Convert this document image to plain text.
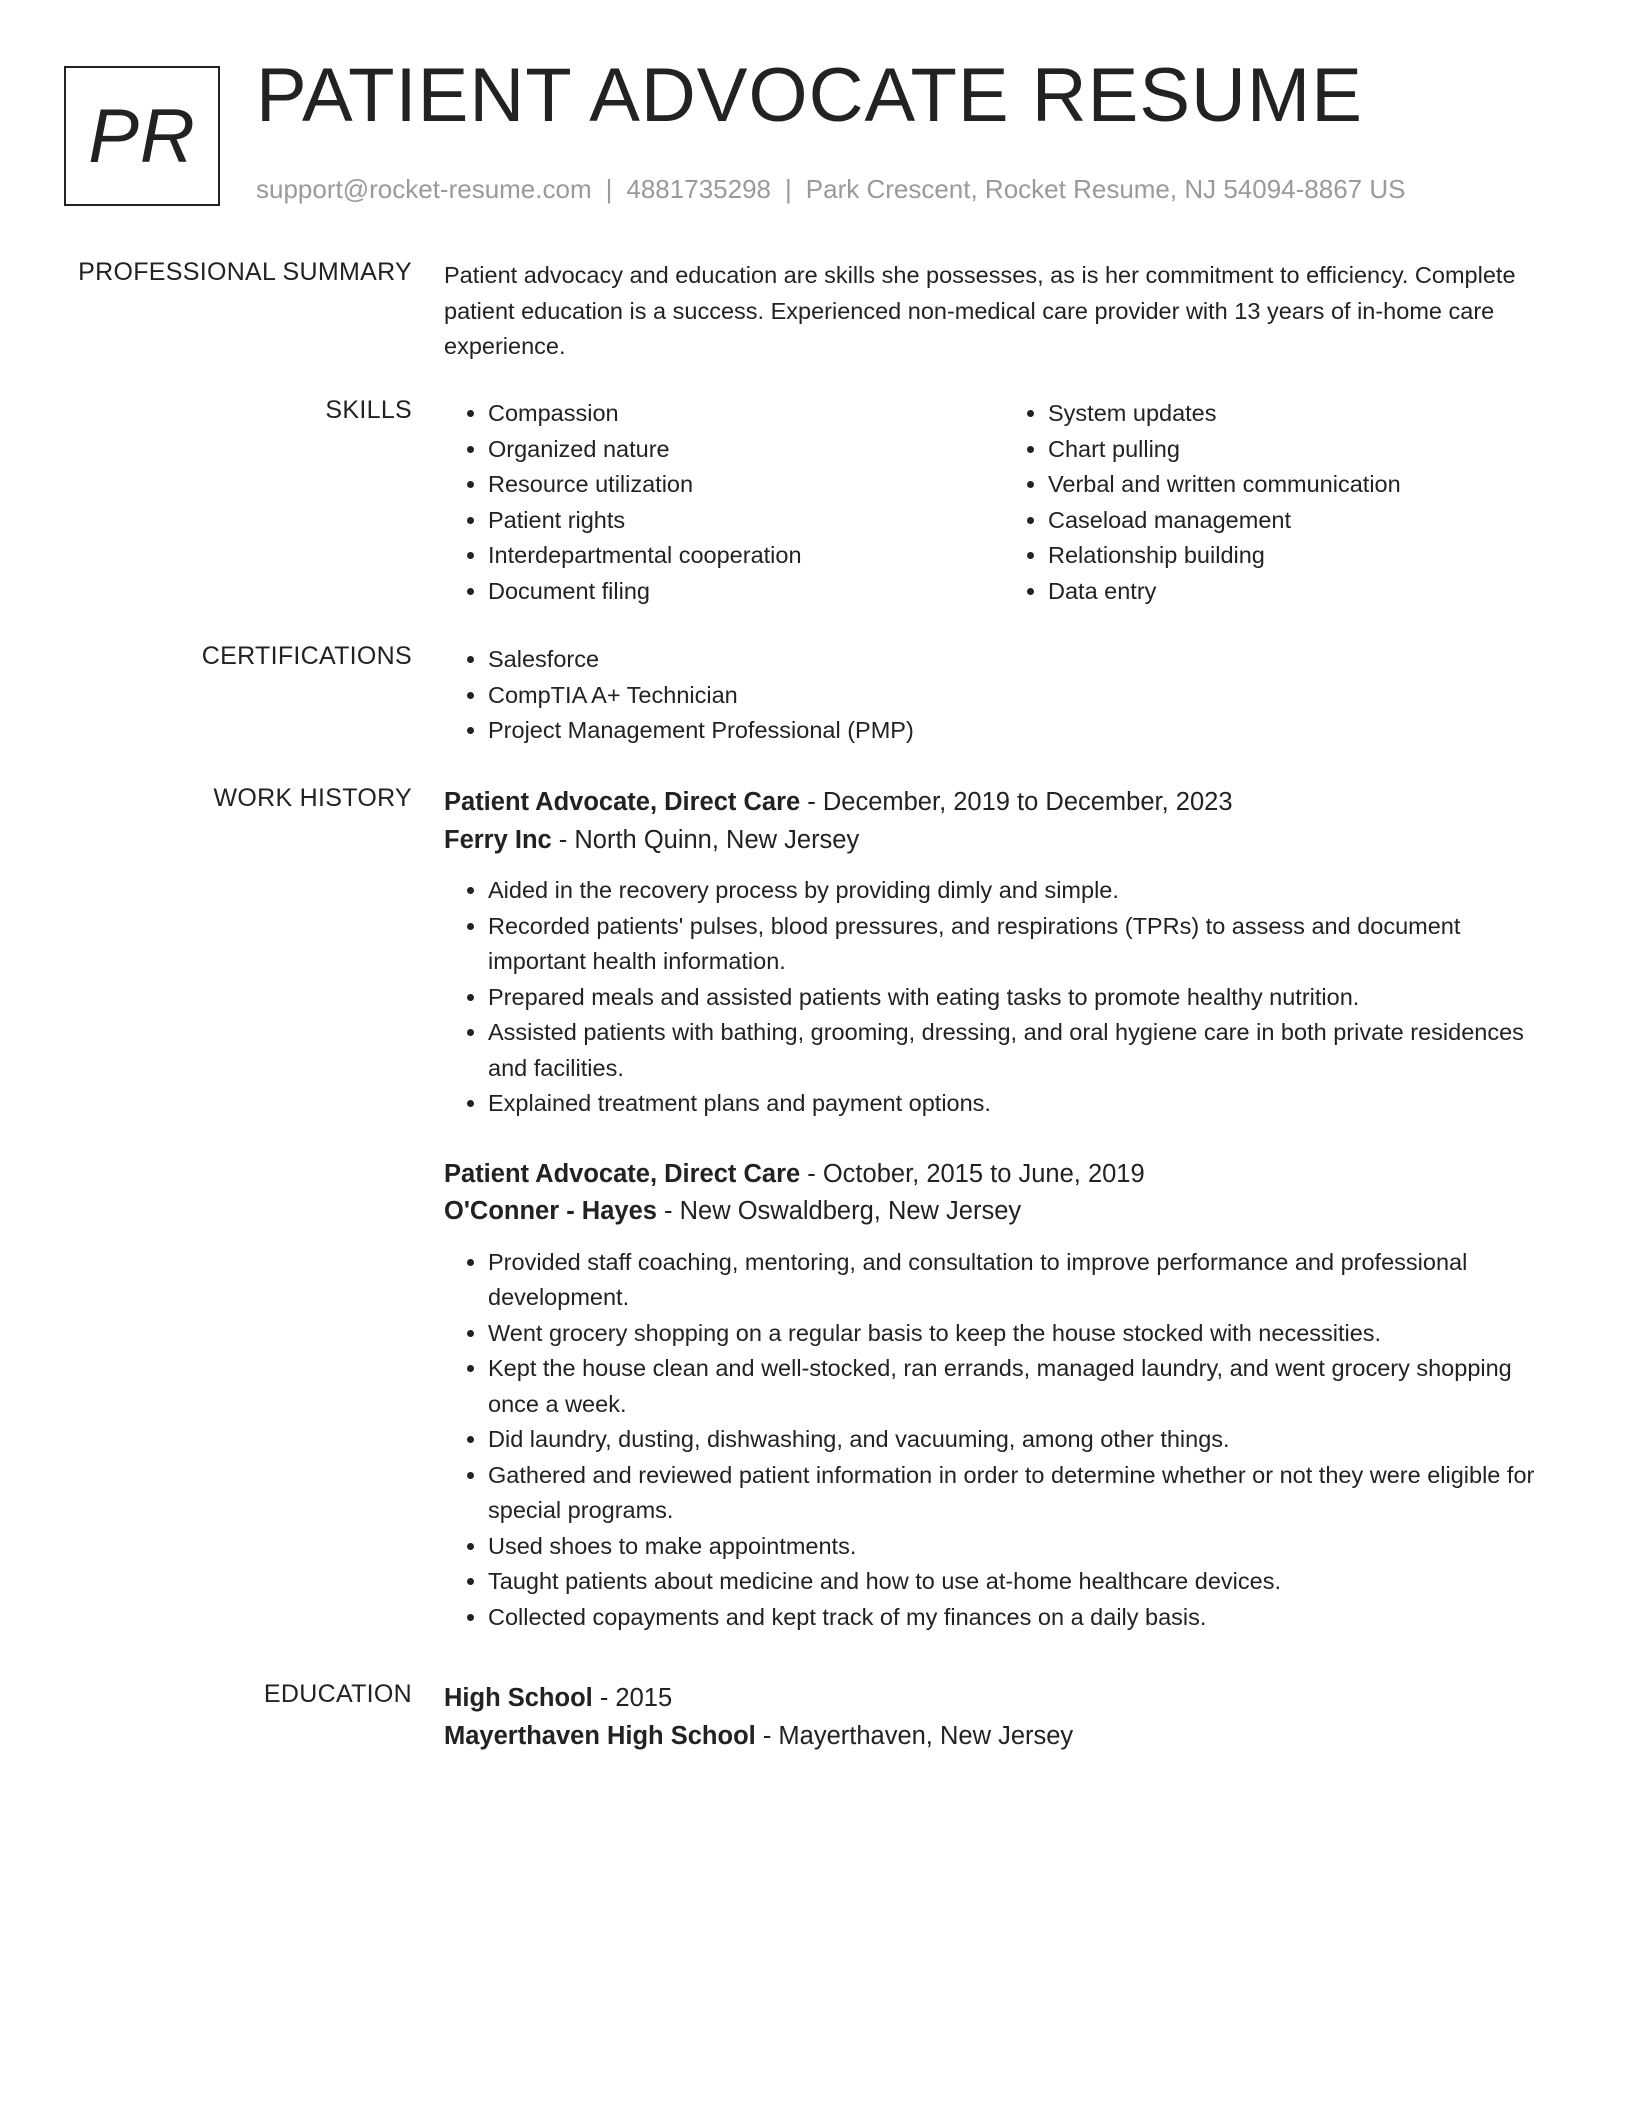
PR PATIENT ADVOCATE RESUME
support@rocket-resume.com | 4881735298 | Park Crescent, Rocket Resume, NJ 54094-8867 US
PROFESSIONAL SUMMARY Patient advocacy and education are skills she possesses, as is her commitment to efficiency. Complete patient education is a success. Experienced non-medical care provider with 13 years of in-home care experience.
SKILLS	• Compassion
• Organized nature
• Resource utilization
• Patient rights
• Interdepartmental cooperation
• Document filing
• System updates
• Chart pulling
• Verbal and written communication
• Caseload management
• Relationship building
• Data entry
CERTIFICATIONS	• Salesforce
• CompTIA A+ Technician
• Project Management Professional (PMP)
WORK HISTORY Patient Advocate, Direct Care - December, 2019 to December, 2023
Ferry Inc - North Quinn, New Jersey
• Aided in the recovery process by providing dimly and simple.
• Recorded patients' pulses, blood pressures, and respirations (TPRs) to assess and document important health information.
• Prepared meals and assisted patients with eating tasks to promote healthy nutrition.
• Assisted patients with bathing, grooming, dressing, and oral hygiene care in both private residences and facilities.
• Explained treatment plans and payment options.
Patient Advocate, Direct Care - October, 2015 to June, 2019
O'Conner - Hayes - New Oswaldberg, New Jersey
• Provided staff coaching, mentoring, and consultation to improve performance and professional development.
• Went grocery shopping on a regular basis to keep the house stocked with necessities.
• Kept the house clean and well-stocked, ran errands, managed laundry, and went grocery shopping once a week.
• Did laundry, dusting, dishwashing, and vacuuming, among other things.
• Gathered and reviewed patient information in order to determine whether or not they were eligible for special programs.
• Used shoes to make appointments.
• Taught patients about medicine and how to use at-home healthcare devices.
• Collected copayments and kept track of my finances on a daily basis.
EDUCATION High School - 2015
Mayerthaven High School - Mayerthaven, New Jersey
